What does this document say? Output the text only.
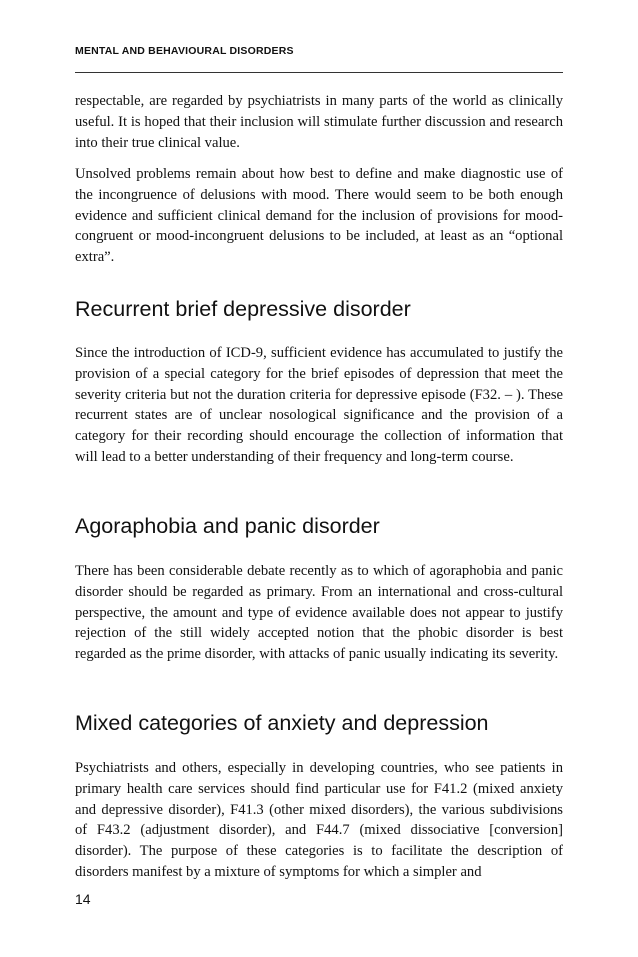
MENTAL AND BEHAVIOURAL DISORDERS

respectable, are regarded by psychiatrists in many parts of the world as clinically useful. It is hoped that their inclusion will stimulate further discussion and research into their true clinical value.

Unsolved problems remain about how best to define and make diagnostic use of the incongruence of delusions with mood. There would seem to be both enough evidence and sufficient clinical demand for the inclusion of provisions for mood-congruent or mood-incongruent delusions to be included, at least as an “optional extra”.

Recurrent brief depressive disorder

Since the introduction of ICD-9, sufficient evidence has accumulated to justify the provision of a special category for the brief episodes of depression that meet the severity criteria but not the duration criteria for depressive episode (F32. – ). These recurrent states are of unclear nosological significance and the provision of a category for their recording should encourage the collection of information that will lead to a better understanding of their frequency and long-term course.

Agoraphobia and panic disorder

There has been considerable debate recently as to which of agoraphobia and panic disorder should be regarded as primary. From an international and cross-cultural perspective, the amount and type of evidence available does not appear to justify rejection of the still widely accepted notion that the phobic disorder is best regarded as the prime disorder, with attacks of panic usually indicating its severity.

Mixed categories of anxiety and depression

Psychiatrists and others, especially in developing countries, who see patients in primary health care services should find particular use for F41.2 (mixed anxiety and depressive disorder), F41.3 (other mixed disorders), the various subdivisions of F43.2 (adjustment disorder), and F44.7 (mixed dissociative [conversion] disorder). The purpose of these categories is to facilitate the description of disorders manifest by a mixture of symptoms for which a simpler and

14
